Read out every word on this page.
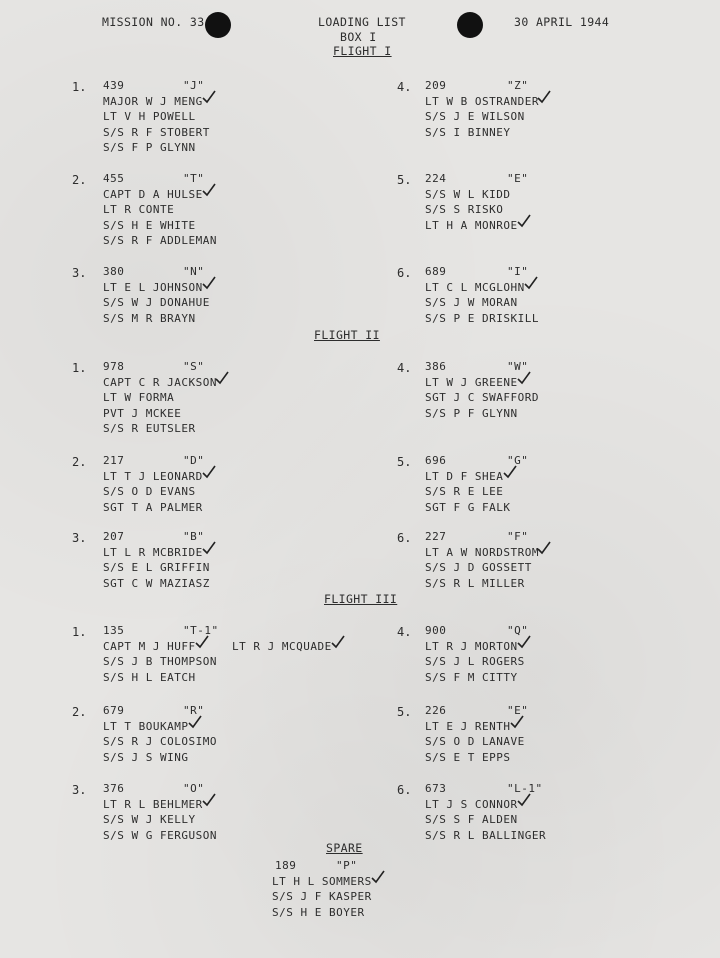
MISSION NO. 33	LOADING LIST	30 APRIL 1944
BOX I
FLIGHT I
1. 439	"J"
MAJOR W J MENG
LT V H POWELL
S/S R F STOBERT
S/S F P GLYNN
2. 455	"T"
CAPT D A HULSE
LT R CONTE
S/S H E WHITE
S/S R F ADDLEMAN
3. 380	"N"
LT E L JOHNSON
S/S W J DONAHUE
S/S M R BRAYN
4. 209	"Z"
LT W B OSTRANDER
S/S J E WILSON
S/S I BINNEY
5. 224	"E"
S/S W L KIDD
S/S S RISKO
LT H A MONROE
6. 689	"I"
LT C L MCGLOHN
S/S J W MORAN
S/S P E DRISKILL
1. 978	"S"
CAPT C R JACKSON
LT W FORMA
PVT J MCKEE
S/S R EUTSLER
2. 217	"D"
LT T J LEONARD
S/S O D EVANS
SGT T A PALMER
3. 207	"B"
LT L R MCBRIDE
S/S E L GRIFFIN
SGT C W MAZIASZ
4. 386	"W"
LT W J GREENE
SGT J C SWAFFORD
S/S P F GLYNN
5. 696	"G"
LT D F SHEA
S/S R E LEE
SGT F G FALK
6. 227	"F"
LT A W NORDSTROM
S/S J D GOSSETT
S/S R L MILLER
1. 135	"T-1"
CAPT M J HUFF
S/S J B THOMPSON
S/S H L EATCH
LT R J MCQUADE
2. 679	"R"
LT T BOUKAMP
S/S R J COLOSIMO
S/S J S WING
3. 376	"O"
LT R L BEHLMER
S/S W J KELLY
S/S W G FERGUSON
4. 900	"Q"
LT R J MORTON
S/S J L ROGERS
S/S F M CITTY
5. 226	"E"
LT E J RENTH
S/S O D LANAVE
S/S E T EPPS
6. 673	"L-1"
LT J S CONNOR
S/S S F ALDEN
S/S R L BALLINGER
189	"P"
LT H L SOMMERS
S/S J F KASPER
S/S H E BOYER
FLIGHT II
FLIGHT III
SPARE
